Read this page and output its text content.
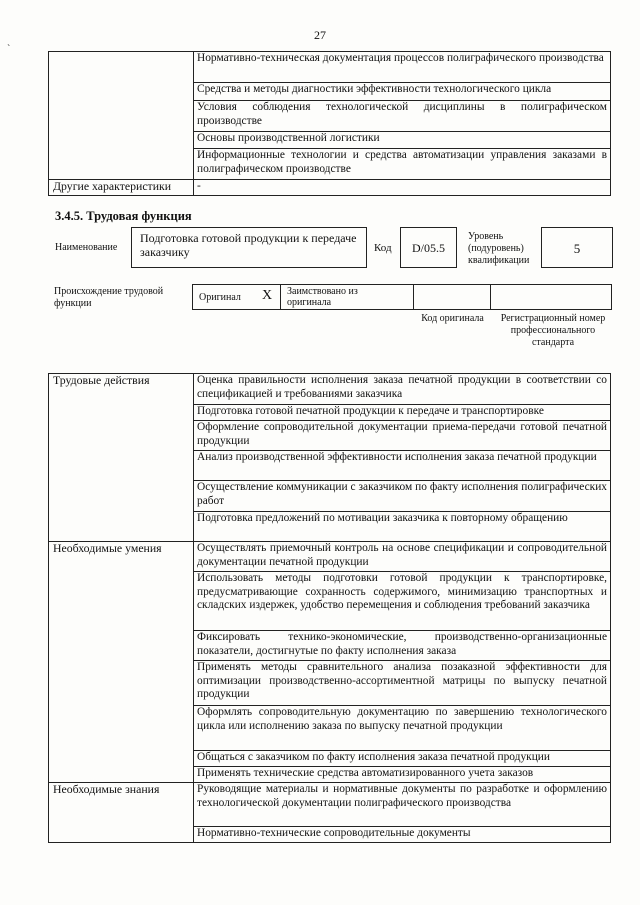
27
`
	Нормативно-техническая документация процессов полиграфического производства
	Средства и методы диагностики эффективности технологического цикла
	Условия соблюдения технологической дисциплины в полиграфическом производстве
	Основы производственной логистики
	Информационные технологии и средства автоматизации управления заказами в полиграфическом производстве
Другие характеристики	-
3.4.5. Трудовая функция
Наименование
Подготовка готовой продукции к передаче заказчику	Код	D/05.5
Уровень (подуровень) квалификации
5
Происхождение трудовой функции
Оригинал X Заимствовано из оригинала
Код оригинала	Регистрационный номер профессионального стандарта
Трудовые действия	Оценка правильности исполнения заказа печатной продукции в соответствии со спецификацией и требованиями заказчика
	Подготовка готовой печатной продукции к передаче и транспортировке
	Оформление сопроводительной документации приема-передачи готовой печатной продукции
	Анализ производственной эффективности исполнения заказа печатной продукции
	Осуществление коммуникации с заказчиком по факту исполнения полиграфических работ
	Подготовка предложений по мотивации заказчика к повторному обращению
Необходимые умения	Осуществлять приемочный контроль на основе спецификации и сопроводительной документации печатной продукции
	Использовать методы подготовки готовой продукции к транспортировке, предусматривающие сохранность содержимого, минимизацию транспортных и складских издержек, удобство перемещения и соблюдения требований заказчика
	Фиксировать технико-экономические, производственно-организационные показатели, достигнутые по факту исполнения заказа
	Применять методы сравнительного анализа позаказной эффективности для оптимизации производственно-ассортиментной матрицы по выпуску печатной продукции
	Оформлять сопроводительную документацию по завершению технологического цикла или исполнению заказа по выпуску печатной продукции
	Общаться с заказчиком по факту исполнения заказа печатной продукции
	Применять технические средства автоматизированного учета заказов
Необходимые знания	Руководящие материалы и нормативные документы по разработке и оформлению технологической документации полиграфического производства
	Нормативно-технические сопроводительные документы
